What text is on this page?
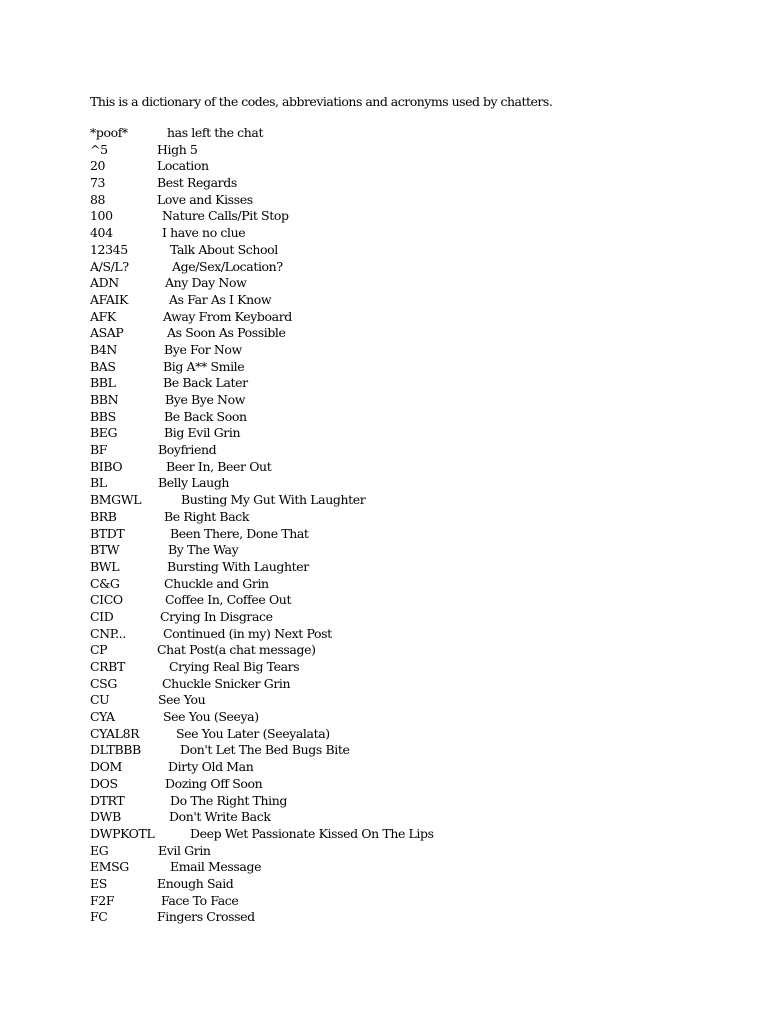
This is a dictionary of the codes, abbreviations and acronyms used by chatters.
*poof*	has left the chat
^5	High 5
20	Location
73	Best Regards
88	Love and Kisses
100	Nature Calls/Pit Stop
404	I have no clue
12345	Talk About School
A/S/L?	Age/Sex/Location?
ADN	Any Day Now
AFAIK	As Far As I Know
AFK	Away From Keyboard
ASAP	As Soon As Possible
B4N	Bye For Now
BAS	Big A** Smile
BBL	Be Back Later
BBN	Bye Bye Now
BBS	Be Back Soon
BEG	Big Evil Grin
BF	Boyfriend
BIBO	Beer In, Beer Out
BL	Belly Laugh
BMGWL	Busting My Gut With Laughter
BRB	Be Right Back
BTDT	Been There, Done That
BTW	By The Way
BWL	Bursting With Laughter
C&G	Chuckle and Grin
CICO	Coffee In, Coffee Out
CID	Crying In Disgrace
CNP...	Continued (in my) Next Post
CP	Chat Post(a chat message)
CRBT	Crying Real Big Tears
CSG	Chuckle Snicker Grin
CU	See You
CYA	See You (Seeya)
CYAL8R	See You Later (Seeyalata)
DLTBBB	Don't Let The Bed Bugs Bite
DOM	Dirty Old Man
DOS	Dozing Off Soon
DTRT	Do The Right Thing
DWB	Don't Write Back
DWPKOTL	Deep Wet Passionate Kissed On The Lips
EG	Evil Grin
EMSG	Email Message
ES	Enough Said
F2F	Face To Face
FC	Fingers Crossed
